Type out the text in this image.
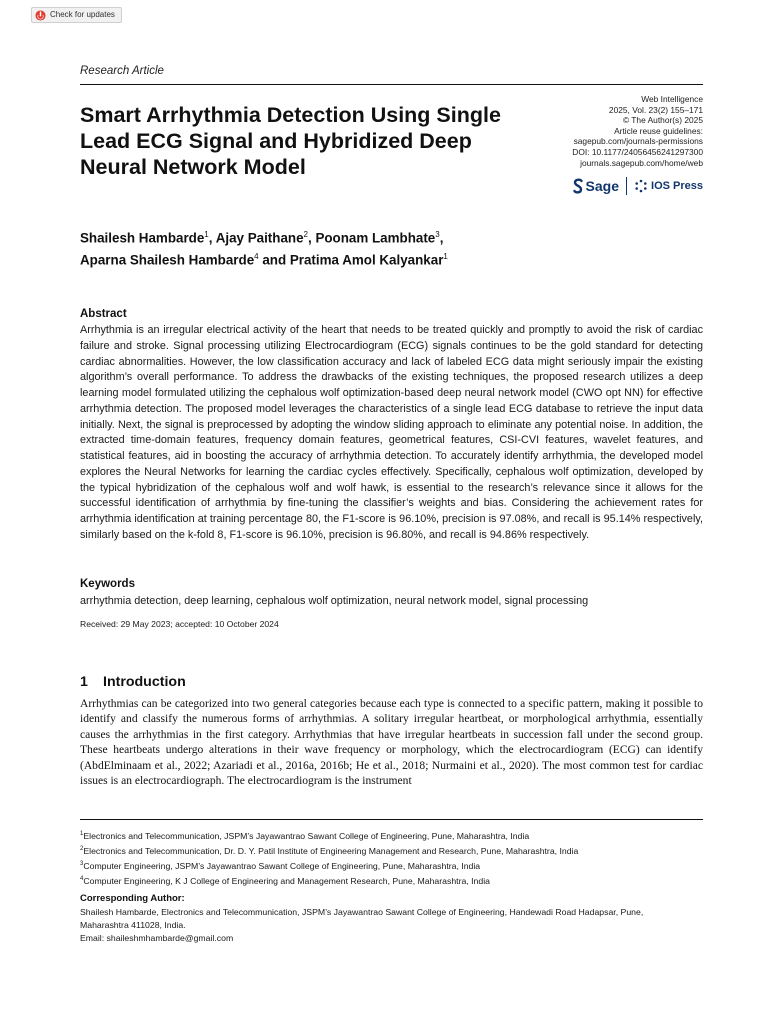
Check for updates
Research Article
Smart Arrhythmia Detection Using Single Lead ECG Signal and Hybridized Deep Neural Network Model
Web Intelligence
2025, Vol. 23(2) 155–171
© The Author(s) 2025
Article reuse guidelines:
sagepub.com/journals-permissions
DOI: 10.1177/24056456241297300
journals.sagepub.com/home/web
Sage	IOS Press
Shailesh Hambarde$^1$, Ajay Paithane$^2$, Poonam Lambhate$^3$,
Aparna Shailesh Hambarde$^4$ and Pratima Amol Kalyankar$^1$
Abstract
Arrhythmia is an irregular electrical activity of the heart that needs to be treated quickly and promptly to avoid the risk of cardiac failure and stroke. Signal processing utilizing Electrocardiogram (ECG) signals continues to be the gold standard for detecting cardiac abnormalities. However, the low classification accuracy and lack of labeled ECG data might seriously impair the existing algorithm’s overall performance. To address the drawbacks of the existing techniques, the proposed research utilizes a deep learning model formulated utilizing the cephalous wolf optimization-based deep neural network model (CWO opt NN) for effective arrhythmia detection. The proposed model leverages the characteristics of a single lead ECG database to retrieve the input data initially. Next, the signal is preprocessed by adopting the window sliding approach to eliminate any potential noise. In addition, the extracted time-domain features, frequency domain features, geometrical features, CSI-CVI features, wavelet features, and statistical features, aid in boosting the accuracy of arrhythmia detection. To accurately identify arrhythmia, the developed model explores the Neural Networks for learning the cardiac cycles effectively. Specifically, cephalous wolf optimization, developed by the typical hybridization of the cephalous wolf and wolf hawk, is essential to the research’s relevance since it allows for the successful identification of arrhythmia by fine-tuning the classifier’s weights and bias. Considering the achievement rates for arrhythmia identification at training percentage 80, the F1-score is 96.10%, precision is 97.08%, and recall is 95.14% respectively, similarly based on the k-fold 8, F1-score is 96.10%, precision is 96.80%, and recall is 94.86% respectively.
Keywords
arrhythmia detection, deep learning, cephalous wolf optimization, neural network model, signal processing
Received: 29 May 2023; accepted: 10 October 2024
1 Introduction
Arrhythmias can be categorized into two general categories because each type is connected to a specific pattern, making it possible to identify and classify the numerous forms of arrhythmias. A solitary irregular heartbeat, or morphological arrhythmia, essentially causes the arrhythmias in the first category. Arrhythmias that have irregular heartbeats in succession fall under the second group. These heartbeats undergo alterations in their wave frequency or morphology, which the electrocardiogram (ECG) can identify (AbdElminaam et al., 2022; Azariadi et al., 2016a, 2016b; He et al., 2018; Nurmaini et al., 2020). The most common test for cardiac issues is an electrocardiograph. The electrocardiogram is the instrument
$^1$Electronics and Telecommunication, JSPM’s Jayawantrao Sawant College of Engineering, Pune, Maharashtra, India
$^2$Electronics and Telecommunication, Dr. D. Y. Patil Institute of Engineering Management and Research, Pune, Maharashtra, India
$^3$Computer Engineering, JSPM’s Jayawantrao Sawant College of Engineering, Pune, Maharashtra, India
$^4$Computer Engineering, K J College of Engineering and Management Research, Pune, Maharashtra, India
Corresponding Author:
Shailesh Hambarde, Electronics and Telecommunication, JSPM’s Jayawantrao Sawant College of Engineering, Handewadi Road Hadapsar, Pune, Maharashtra 411028, India.
Email: shaileshmhambarde@gmail.com
